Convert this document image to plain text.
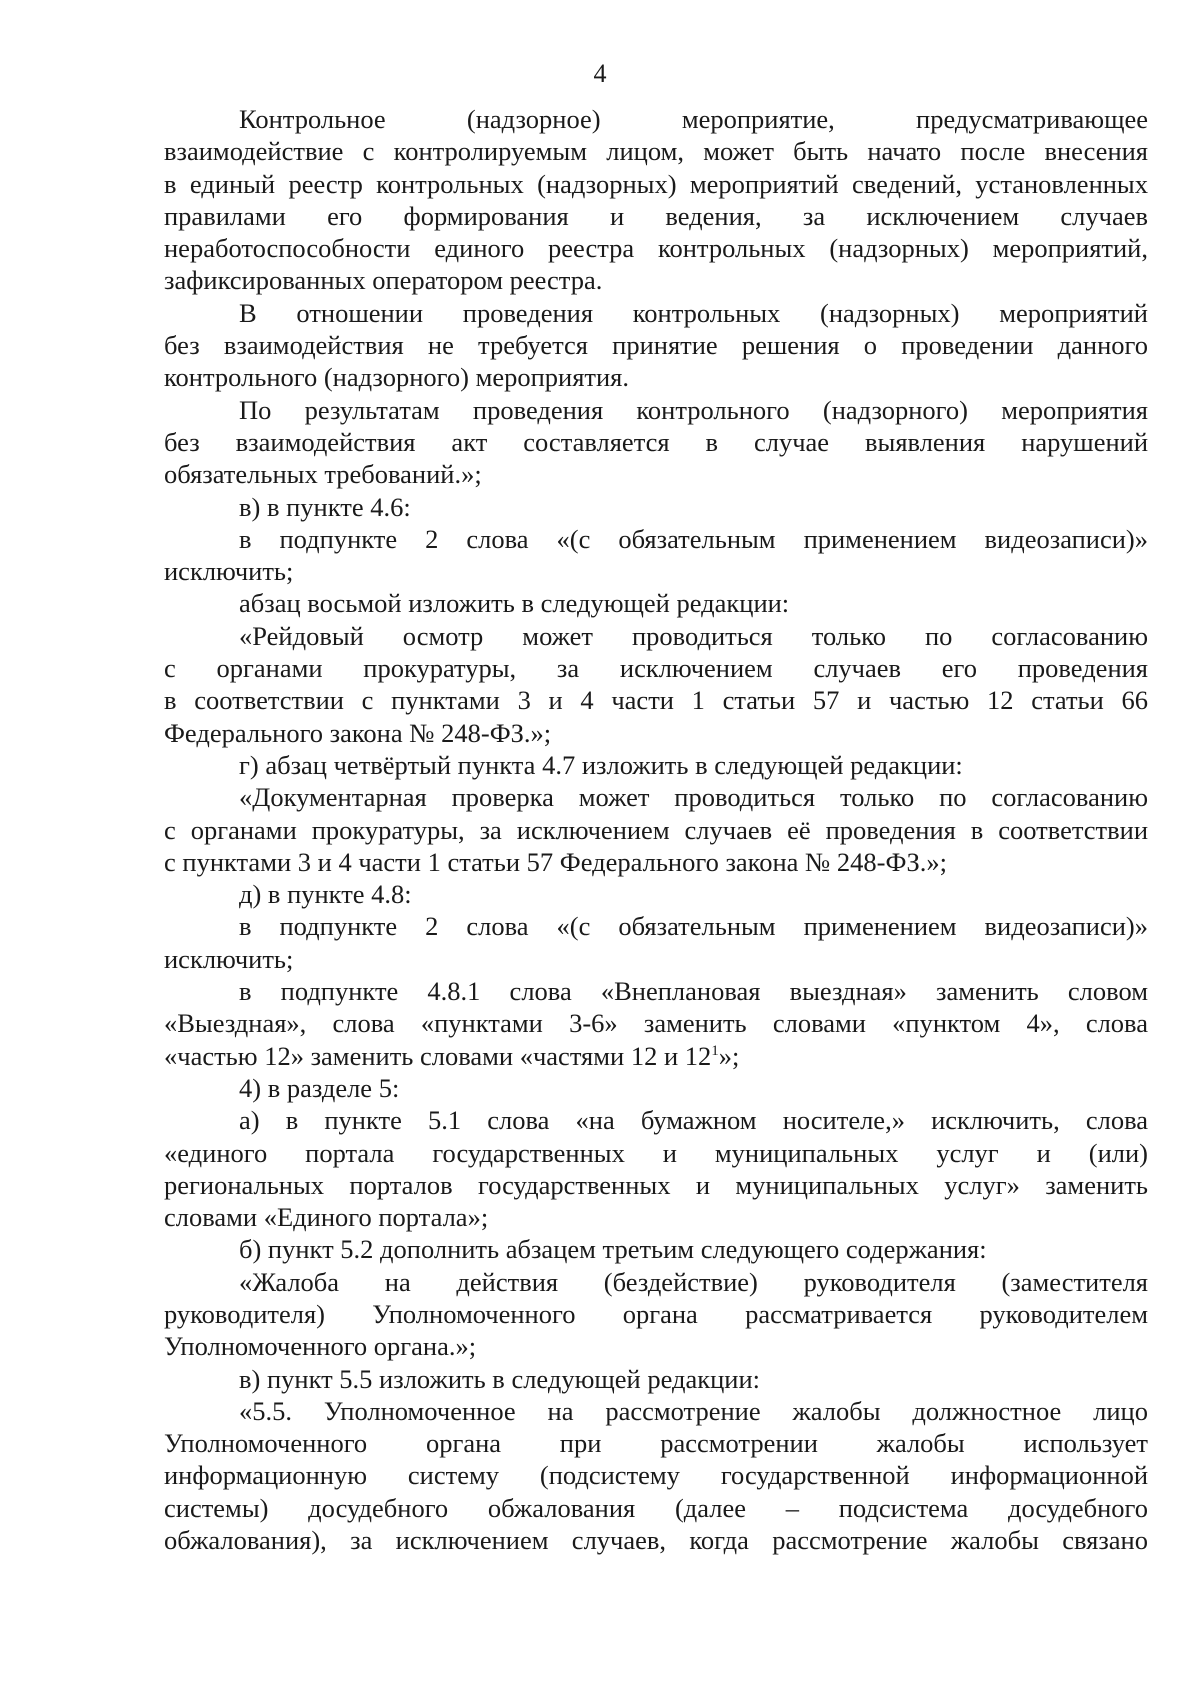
4
Контрольное (надзорное) мероприятие, предусматривающее
взаимодействие с контролируемым лицом, может быть начато после внесения
в единый реестр контрольных (надзорных) мероприятий сведений, установленных
правилами его формирования и ведения, за исключением случаев
неработоспособности единого реестра контрольных (надзорных) мероприятий,
зафиксированных оператором реестра.
В отношении проведения контрольных (надзорных) мероприятий
без взаимодействия не требуется принятие решения о проведении данного
контрольного (надзорного) мероприятия.
По результатам проведения контрольного (надзорного) мероприятия
без взаимодействия акт составляется в случае выявления нарушений
обязательных требований.»;
в) в пункте 4.6:
в подпункте 2 слова «(с обязательным применением видеозаписи)»
исключить;
абзац восьмой изложить в следующей редакции:
«Рейдовый осмотр может проводиться только по согласованию
с органами прокуратуры, за исключением случаев его проведения
в соответствии с пунктами 3 и 4 части 1 статьи 57 и частью 12 статьи 66
Федерального закона № 248-ФЗ.»;
г) абзац четвёртый пункта 4.7 изложить в следующей редакции:
«Документарная проверка может проводиться только по согласованию
с органами прокуратуры, за исключением случаев её проведения в соответствии
с пунктами 3 и 4 части 1 статьи 57 Федерального закона № 248-ФЗ.»;
д) в пункте 4.8:
в подпункте 2 слова «(с обязательным применением видеозаписи)»
исключить;
в подпункте 4.8.1 слова «Внеплановая выездная» заменить словом
«Выездная», слова «пунктами 3-6» заменить словами «пунктом 4», слова
«частью 12» заменить словами «частями 12 и $12^1$»;
4) в разделе 5:
а) в пункте 5.1 слова «на бумажном носителе,» исключить, слова
«единого портала государственных и муниципальных услуг и (или)
региональных порталов государственных и муниципальных услуг» заменить
словами «Единого портала»;
б) пункт 5.2 дополнить абзацем третьим следующего содержания:
«Жалоба на действия (бездействие) руководителя (заместителя
руководителя) Уполномоченного органа рассматривается руководителем
Уполномоченного органа.»;
в) пункт 5.5 изложить в следующей редакции:
«5.5. Уполномоченное на рассмотрение жалобы должностное лицо
Уполномоченного органа при рассмотрении жалобы использует
информационную систему (подсистему государственной информационной
системы) досудебного обжалования (далее – подсистема досудебного
обжалования), за исключением случаев, когда рассмотрение жалобы связано
